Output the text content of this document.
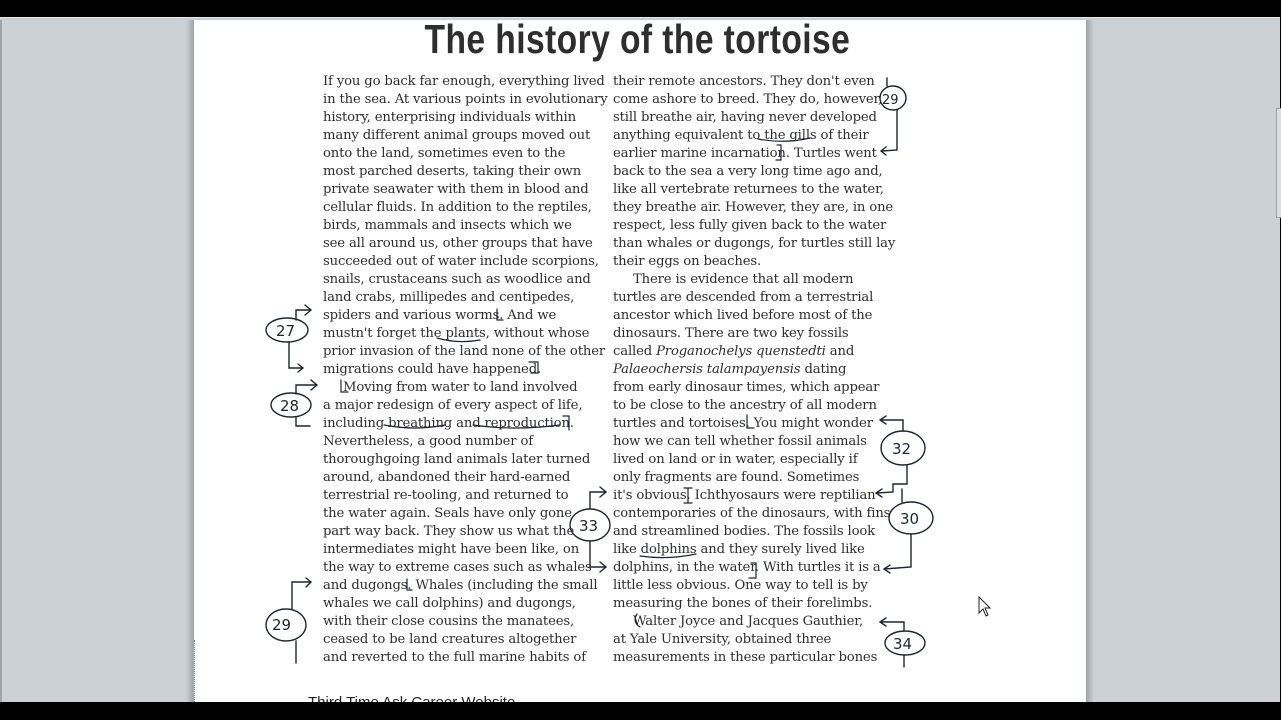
The history of the tortoise
If you go back far enough, everything lived
in the sea. At various points in evolutionary
history, enterprising individuals within
many different animal groups moved out
onto the land, sometimes even to the
most parched deserts, taking their own
private seawater with them in blood and
cellular fluids. In addition to the reptiles,
birds, mammals and insects which we
see all around us, other groups that have
succeeded out of water include scorpions,
snails, crustaceans such as woodlice and
land crabs, millipedes and centipedes,
spiders and various worms. And we
mustn't forget the plants, without whose
prior invasion of the land none of the other
migrations could have happened.
Moving from water to land involved
a major redesign of every aspect of life,
including breathing and reproduction.
Nevertheless, a good number of
thoroughgoing land animals later turned
around, abandoned their hard-earned
terrestrial re-tooling, and returned to
the water again. Seals have only gone
part way back. They show us what the
intermediates might have been like, on
the way to extreme cases such as whales
and dugongs. Whales (including the small
whales we call dolphins) and dugongs,
with their close cousins the manatees,
ceased to be land creatures altogether
and reverted to the full marine habits of
their remote ancestors. They don't even
come ashore to breed. They do, however,
still breathe air, having never developed
anything equivalent to the gills of their
earlier marine incarnation. Turtles went
back to the sea a very long time ago and,
like all vertebrate returnees to the water,
they breathe air. However, they are, in one
respect, less fully given back to the water
than whales or dugongs, for turtles still lay
their eggs on beaches.
There is evidence that all modern
turtles are descended from a terrestrial
ancestor which lived before most of the
dinosaurs. There are two key fossils
called Proganochelys quenstedti and
Palaeochersis talampayensis dating
from early dinosaur times, which appear
to be close to the ancestry of all modern
turtles and tortoises. You might wonder
how we can tell whether fossil animals
lived on land or in water, especially if
only fragments are found. Sometimes
it's obvious. Ichthyosaurs were reptilian
contemporaries of the dinosaurs, with fins
and streamlined bodies. The fossils look
like dolphins and they surely lived like
dolphins, in the water. With turtles it is a
little less obvious. One way to tell is by
measuring the bones of their forelimbs.
Walter Joyce and Jacques Gauthier,
at Yale University, obtained three
measurements in these particular bones
27
28
29
29
32
30
33
34
